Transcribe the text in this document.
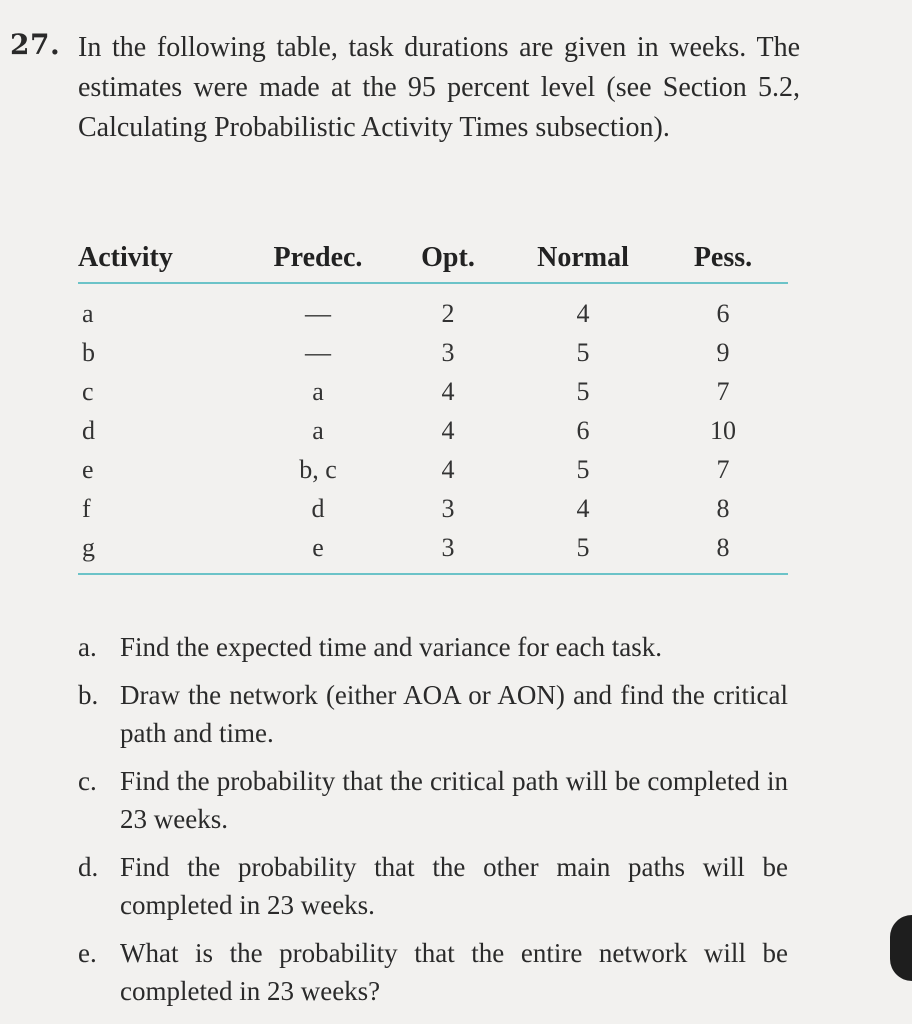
27. In the following table, task durations are given in weeks. The estimates were made at the 95 percent level (see Section 5.2, Calculating Probabilistic Activity Times subsection).
Activity	Predec.	Opt.	Normal	Pess.
a	—	2	4	6
b	—	3	5	9
c	a	4	5	7
d	a	4	6	10
e	b, c	4	5	7
f	d	3	4	8
g	e	3	5	8
a. Find the expected time and variance for each task.
b. Draw the network (either AOA or AON) and find the critical path and time.
c. Find the probability that the critical path will be completed in 23 weeks.
d. Find the probability that the other main paths will be completed in 23 weeks.
e. What is the probability that the entire network will be completed in 23 weeks?
